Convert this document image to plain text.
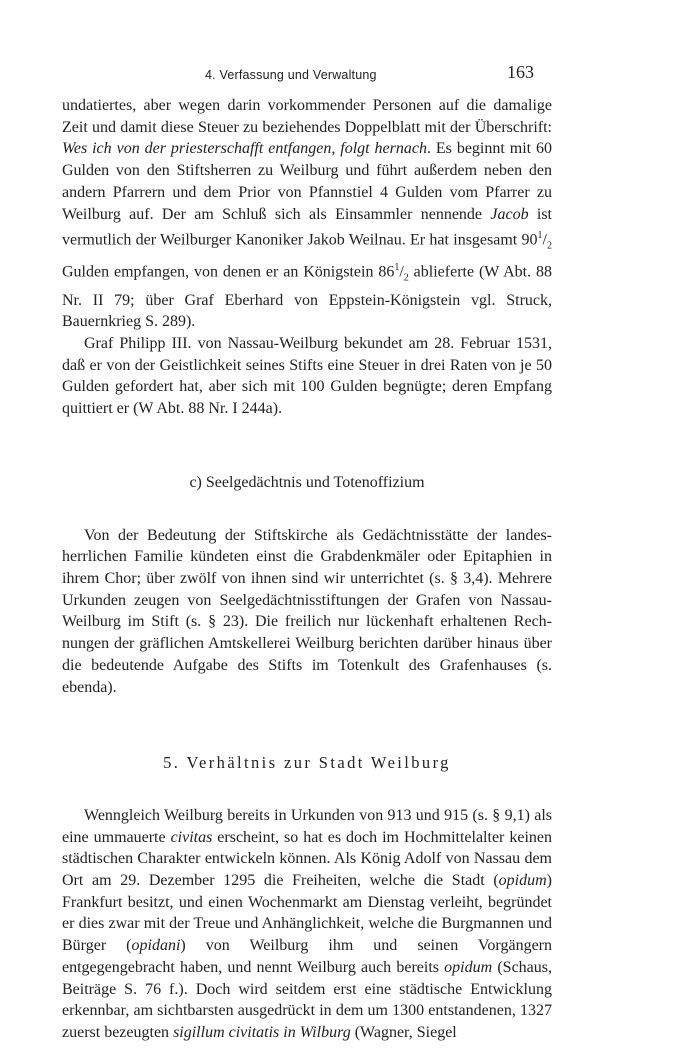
4. Verfassung und Verwaltung	163

undatiertes, aber wegen darin vorkommender Personen auf die damalige Zeit und damit diese Steuer zu beziehendes Doppelblatt mit der Überschrift: Wes ich von der priesterschafft entfangen, folgt hernach. Es beginnt mit 60 Gulden von den Stiftsherren zu Weilburg und führt außerdem neben den andern Pfarrern und dem Prior von Pfannstiel 4 Gulden vom Pfarrer zu Weilburg auf. Der am Schluß sich als Einsammler nennende Jacob ist vermutlich der Weilburger Kanoniker Jakob Weilnau. Er hat insgesamt $90^1/_2$ Gulden empfangen, von denen er an Königstein $86^1/_2$ ablieferte (W Abt. 88 Nr. II 79; über Graf Eberhard von Eppstein-Königstein vgl. Struck, Bauernkrieg S. 289).

Graf Philipp III. von Nassau-Weilburg bekundet am 28. Februar 1531, daß er von der Geistlichkeit seines Stifts eine Steuer in drei Raten von je 50 Gulden gefordert hat, aber sich mit 100 Gulden begnügte; deren Empfang quittiert er (W Abt. 88 Nr. I 244a).

c) Seelgedächtnis und Totenoffizium

Von der Bedeutung der Stiftskirche als Gedächtnisstätte der landesherrlichen Familie kündeten einst die Grabdenkmäler oder Epitaphien in ihrem Chor; über zwölf von ihnen sind wir unterrichtet (s. § 3,4). Mehrere Urkunden zeugen von Seelgedächtnisstiftungen der Grafen von Nassau-Weilburg im Stift (s. § 23). Die freilich nur lückenhaft erhaltenen Rechnungen der gräflichen Amtskellerei Weilburg berichten darüber hinaus über die bedeutende Aufgabe des Stifts im Totenkult des Grafenhauses (s. ebenda).

5. Verhältnis zur Stadt Weilburg

Wenngleich Weilburg bereits in Urkunden von 913 und 915 (s. § 9,1) als eine ummauerte civitas erscheint, so hat es doch im Hochmittelalter keinen städtischen Charakter entwickeln können. Als König Adolf von Nassau dem Ort am 29. Dezember 1295 die Freiheiten, welche die Stadt (opidum) Frankfurt besitzt, und einen Wochenmarkt am Dienstag verleiht, begründet er dies zwar mit der Treue und Anhänglichkeit, welche die Burgmannen und Bürger (opidani) von Weilburg ihm und seinen Vorgängern entgegengebracht haben, und nennt Weilburg auch bereits opidum (Schaus, Beiträge S. 76 f.). Doch wird seitdem erst eine städtische Entwicklung erkennbar, am sichtbarsten ausgedrückt in dem um 1300 entstandenen, 1327 zuerst bezeugten sigillum civitatis in Wilburg (Wagner, Siegel
